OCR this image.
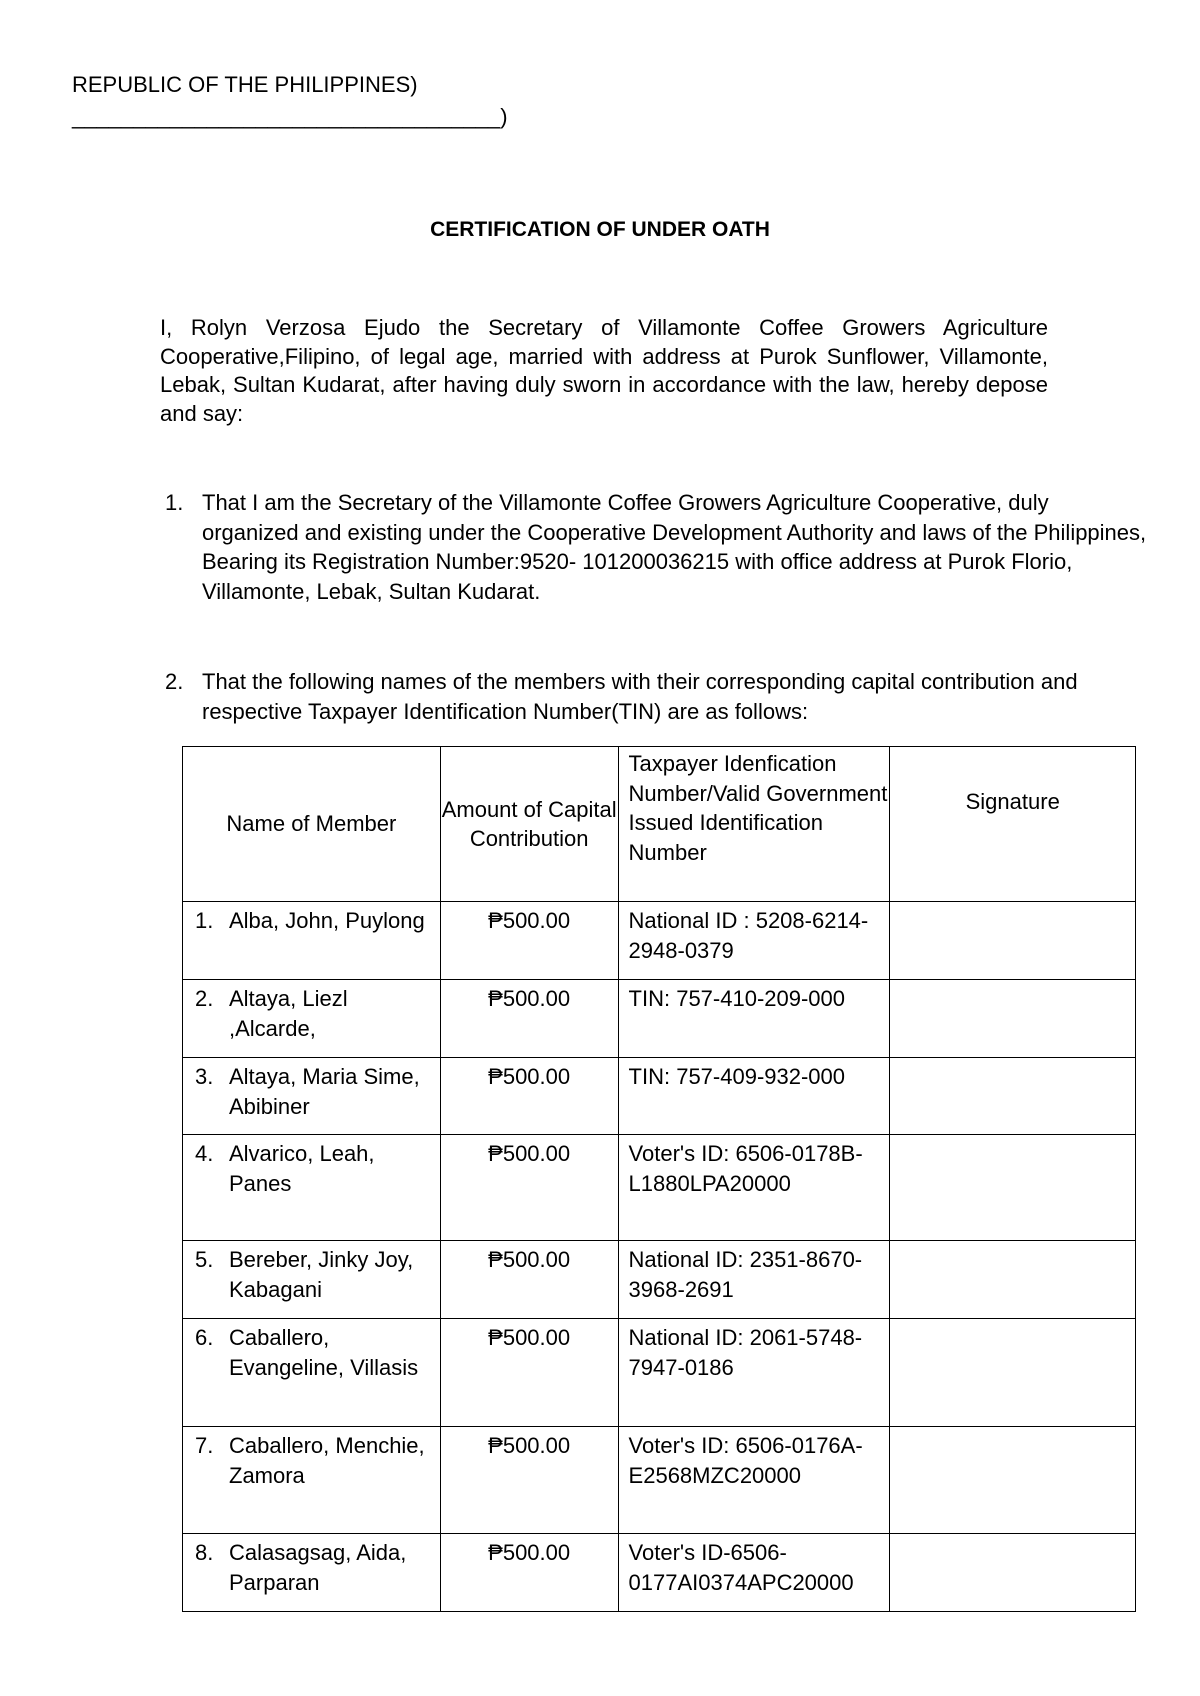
REPUBLIC OF THE PHILIPPINES)
___________________________________)
CERTIFICATION OF UNDER OATH
I, Rolyn Verzosa Ejudo the Secretary of Villamonte Coffee Growers Agriculture Cooperative,Filipino, of legal age, married with address at Purok Sunflower, Villamonte, Lebak, Sultan Kudarat, after having duly sworn in accordance with the law, hereby depose and say:
1. That I am the Secretary of the Villamonte Coffee Growers Agriculture Cooperative, duly organized and existing under the Cooperative Development Authority and laws of the Philippines, Bearing its Registration Number:9520- 101200036215 with office address at Purok Florio, Villamonte, Lebak, Sultan Kudarat.
2. That the following names of the members with their corresponding capital contribution and respective Taxpayer Identification Number(TIN) are as follows:
Name of Member	Amount of Capital Contribution	Taxpayer Idenfication Number/Valid Government Issued Identification Number	Signature

1. Alba, John, Puylong	₱500.00	National ID : 5208-6214-2948-0379	

2. Altaya, Liezl ,Alcarde,	₱500.00	TIN: 757-410-209-000	

3. Altaya, Maria Sime, Abibiner	₱500.00	TIN: 757-409-932-000	

4. Alvarico, Leah, Panes	₱500.00	Voter's ID: 6506-0178B-L1880LPA20000	

5. Bereber, Jinky Joy, Kabagani	₱500.00	National ID: 2351-8670-3968-2691	

6. Caballero, Evangeline, Villasis	₱500.00	National ID: 2061-5748-7947-0186	

7. Caballero, Menchie, Zamora	₱500.00	Voter's ID: 6506-0176A-E2568MZC20000	

8. Calasagsag, Aida, Parparan	₱500.00	Voter's ID-6506-0177AI0374APC20000	
